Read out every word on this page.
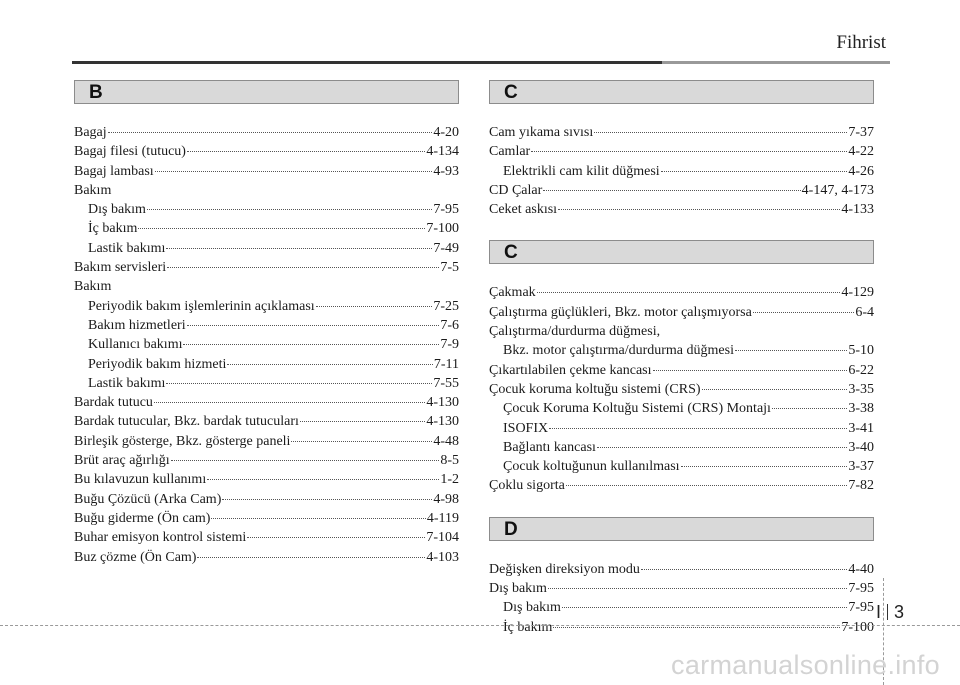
Fihrist
B
Bagaj	4-20
Bagaj filesi (tutucu)	4-134
Bagaj lambası	4-93
Bakım
Dış bakım	7-95
İç bakım	7-100
Lastik bakımı	7-49
Bakım servisleri	7-5
Bakım
Periyodik bakım işlemlerinin açıklaması	7-25
Bakım hizmetleri	7-6
Kullanıcı bakımı	7-9
Periyodik bakım hizmeti	7-11
Lastik bakımı	7-55
Bardak tutucu	4-130
Bardak tutucular, Bkz. bardak tutucuları	4-130
Birleşik gösterge, Bkz. gösterge paneli	4-48
Brüt araç ağırlığı	8-5
Bu kılavuzun kullanımı	1-2
Buğu Çözücü (Arka Cam)	4-98
Buğu giderme (Ön cam)	4-119
Buhar emisyon kontrol sistemi	7-104
Buz çözme (Ön Cam)	4-103
C
Cam yıkama sıvısı	7-37
Camlar	4-22
Elektrikli cam kilit düğmesi	4-26
CD Çalar	4-147, 4-173
Ceket askısı	4-133
C
Çakmak	4-129
Çalıştırma güçlükleri, Bkz. motor çalışmıyorsa	6-4
Çalıştırma/durdurma düğmesi,
Bkz. motor çalıştırma/durdurma düğmesi	5-10
Çıkartılabilen çekme kancası	6-22
Çocuk koruma koltuğu sistemi (CRS)	3-35
Çocuk Koruma Koltuğu Sistemi (CRS) Montajı	3-38
ISOFIX	3-41
Bağlantı kancası	3-40
Çocuk koltuğunun kullanılması	3-37
Çoklu sigorta	7-82
D
Değişken direksiyon modu	4-40
Dış bakım	7-95
Dış bakım	7-95
İç bakım	7-100
I 3
carmanualsonline.info
